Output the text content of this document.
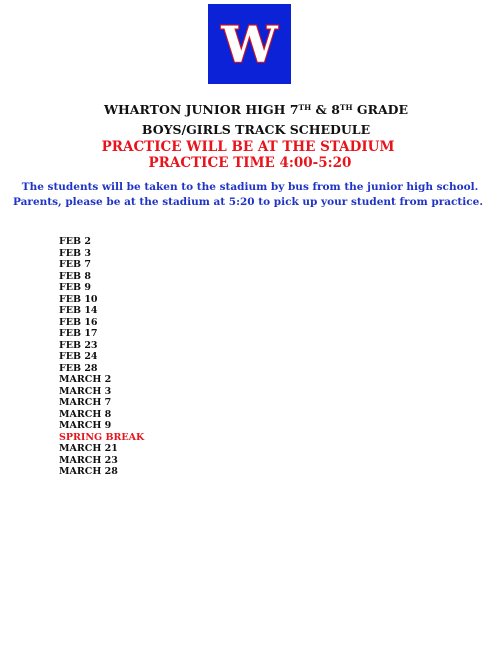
W
WHARTON JUNIOR HIGH 7TH & 8TH GRADE
BOYS/GIRLS TRACK SCHEDULE
PRACTICE WILL BE AT THE STADIUM
PRACTICE TIME 4:00-5:20
The students will be taken to the stadium by bus from the junior high school.
Parents, please be at the stadium at 5:20 to pick up your student from practice.
FEB 2
FEB 3
FEB 7
FEB 8
FEB 9
FEB 10
FEB 14
FEB 16
FEB 17
FEB 23
FEB 24
FEB 28
MARCH 2
MARCH 3
MARCH 7
MARCH 8
MARCH 9
SPRING BREAK
MARCH 21
MARCH 23
MARCH 28
